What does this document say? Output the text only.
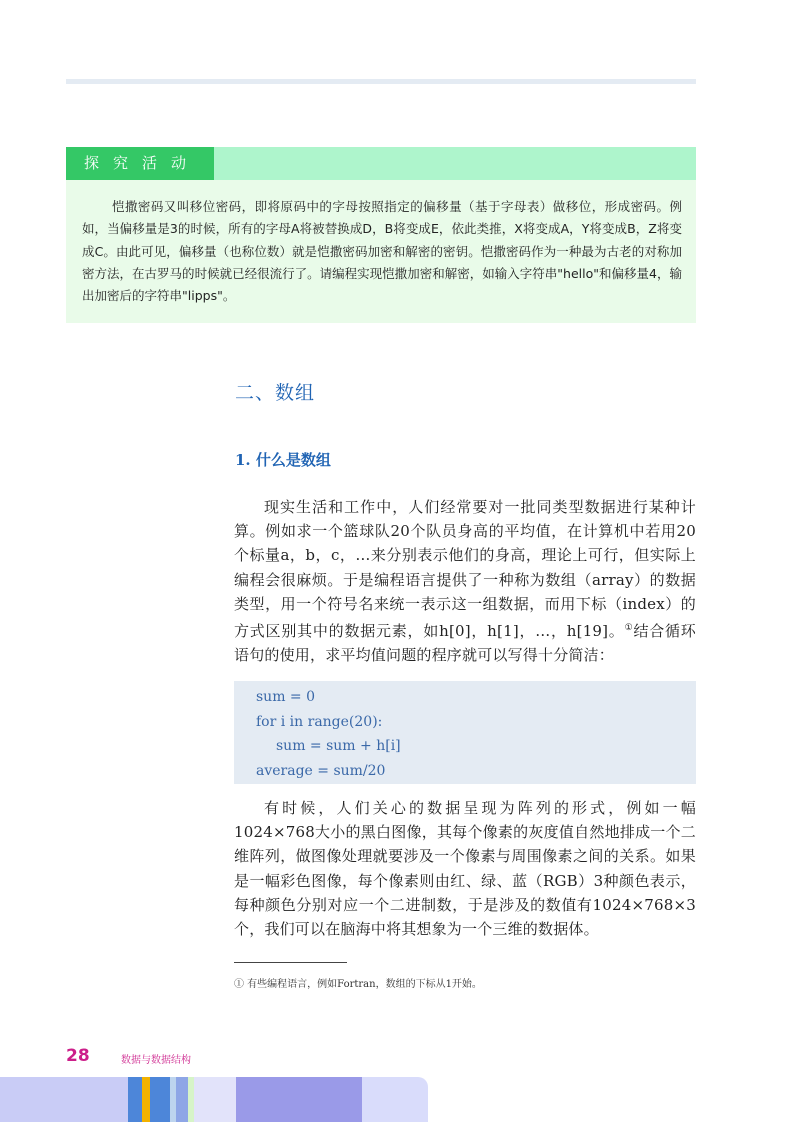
探究活动

恺撒密码又叫移位密码，即将原码中的字母按照指定的偏移量（基于字母表）做移位，形成密码。例如，当偏移量是3的时候，所有的字母A将被替换成D，B将变成E，依此类推，X将变成A，Y将变成B，Z将变成C。由此可见，偏移量（也称位数）就是恺撒密码加密和解密的密钥。恺撒密码作为一种最为古老的对称加密方法，在古罗马的时候就已经很流行了。请编程实现恺撒加密和解密，如输入字符串"hello"和偏移量4，输出加密后的字符串"lipps"。

二、数组
1. 什么是数组

现实生活和工作中，人们经常要对一批同类型数据进行某种计算。例如求一个篮球队20个队员身高的平均值，在计算机中若用20个标量a，b，c，…来分别表示他们的身高，理论上可行，但实际上编程会很麻烦。于是编程语言提供了一种称为数组（array）的数据类型，用一个符号名来统一表示这一组数据，而用下标（index）的方式区别其中的数据元素，如h[0]，h[1]，…，h[19]。①结合循环语句的使用，求平均值问题的程序就可以写得十分简洁：

sum = 0
for i in range(20):
sum = sum + h[i]
average = sum/20

有时候，人们关心的数据呈现为阵列的形式，例如一幅1024×768大小的黑白图像，其每个像素的灰度值自然地排成一个二维阵列，做图像处理就要涉及一个像素与周围像素之间的关系。如果是一幅彩色图像，每个像素则由红、绿、蓝（RGB）3种颜色表示，每种颜色分别对应一个二进制数，于是涉及的数值有1024×768×3个，我们可以在脑海中将其想象为一个三维的数据体。

① 有些编程语言，例如Fortran，数组的下标从1开始。
28	数据与数据结构
